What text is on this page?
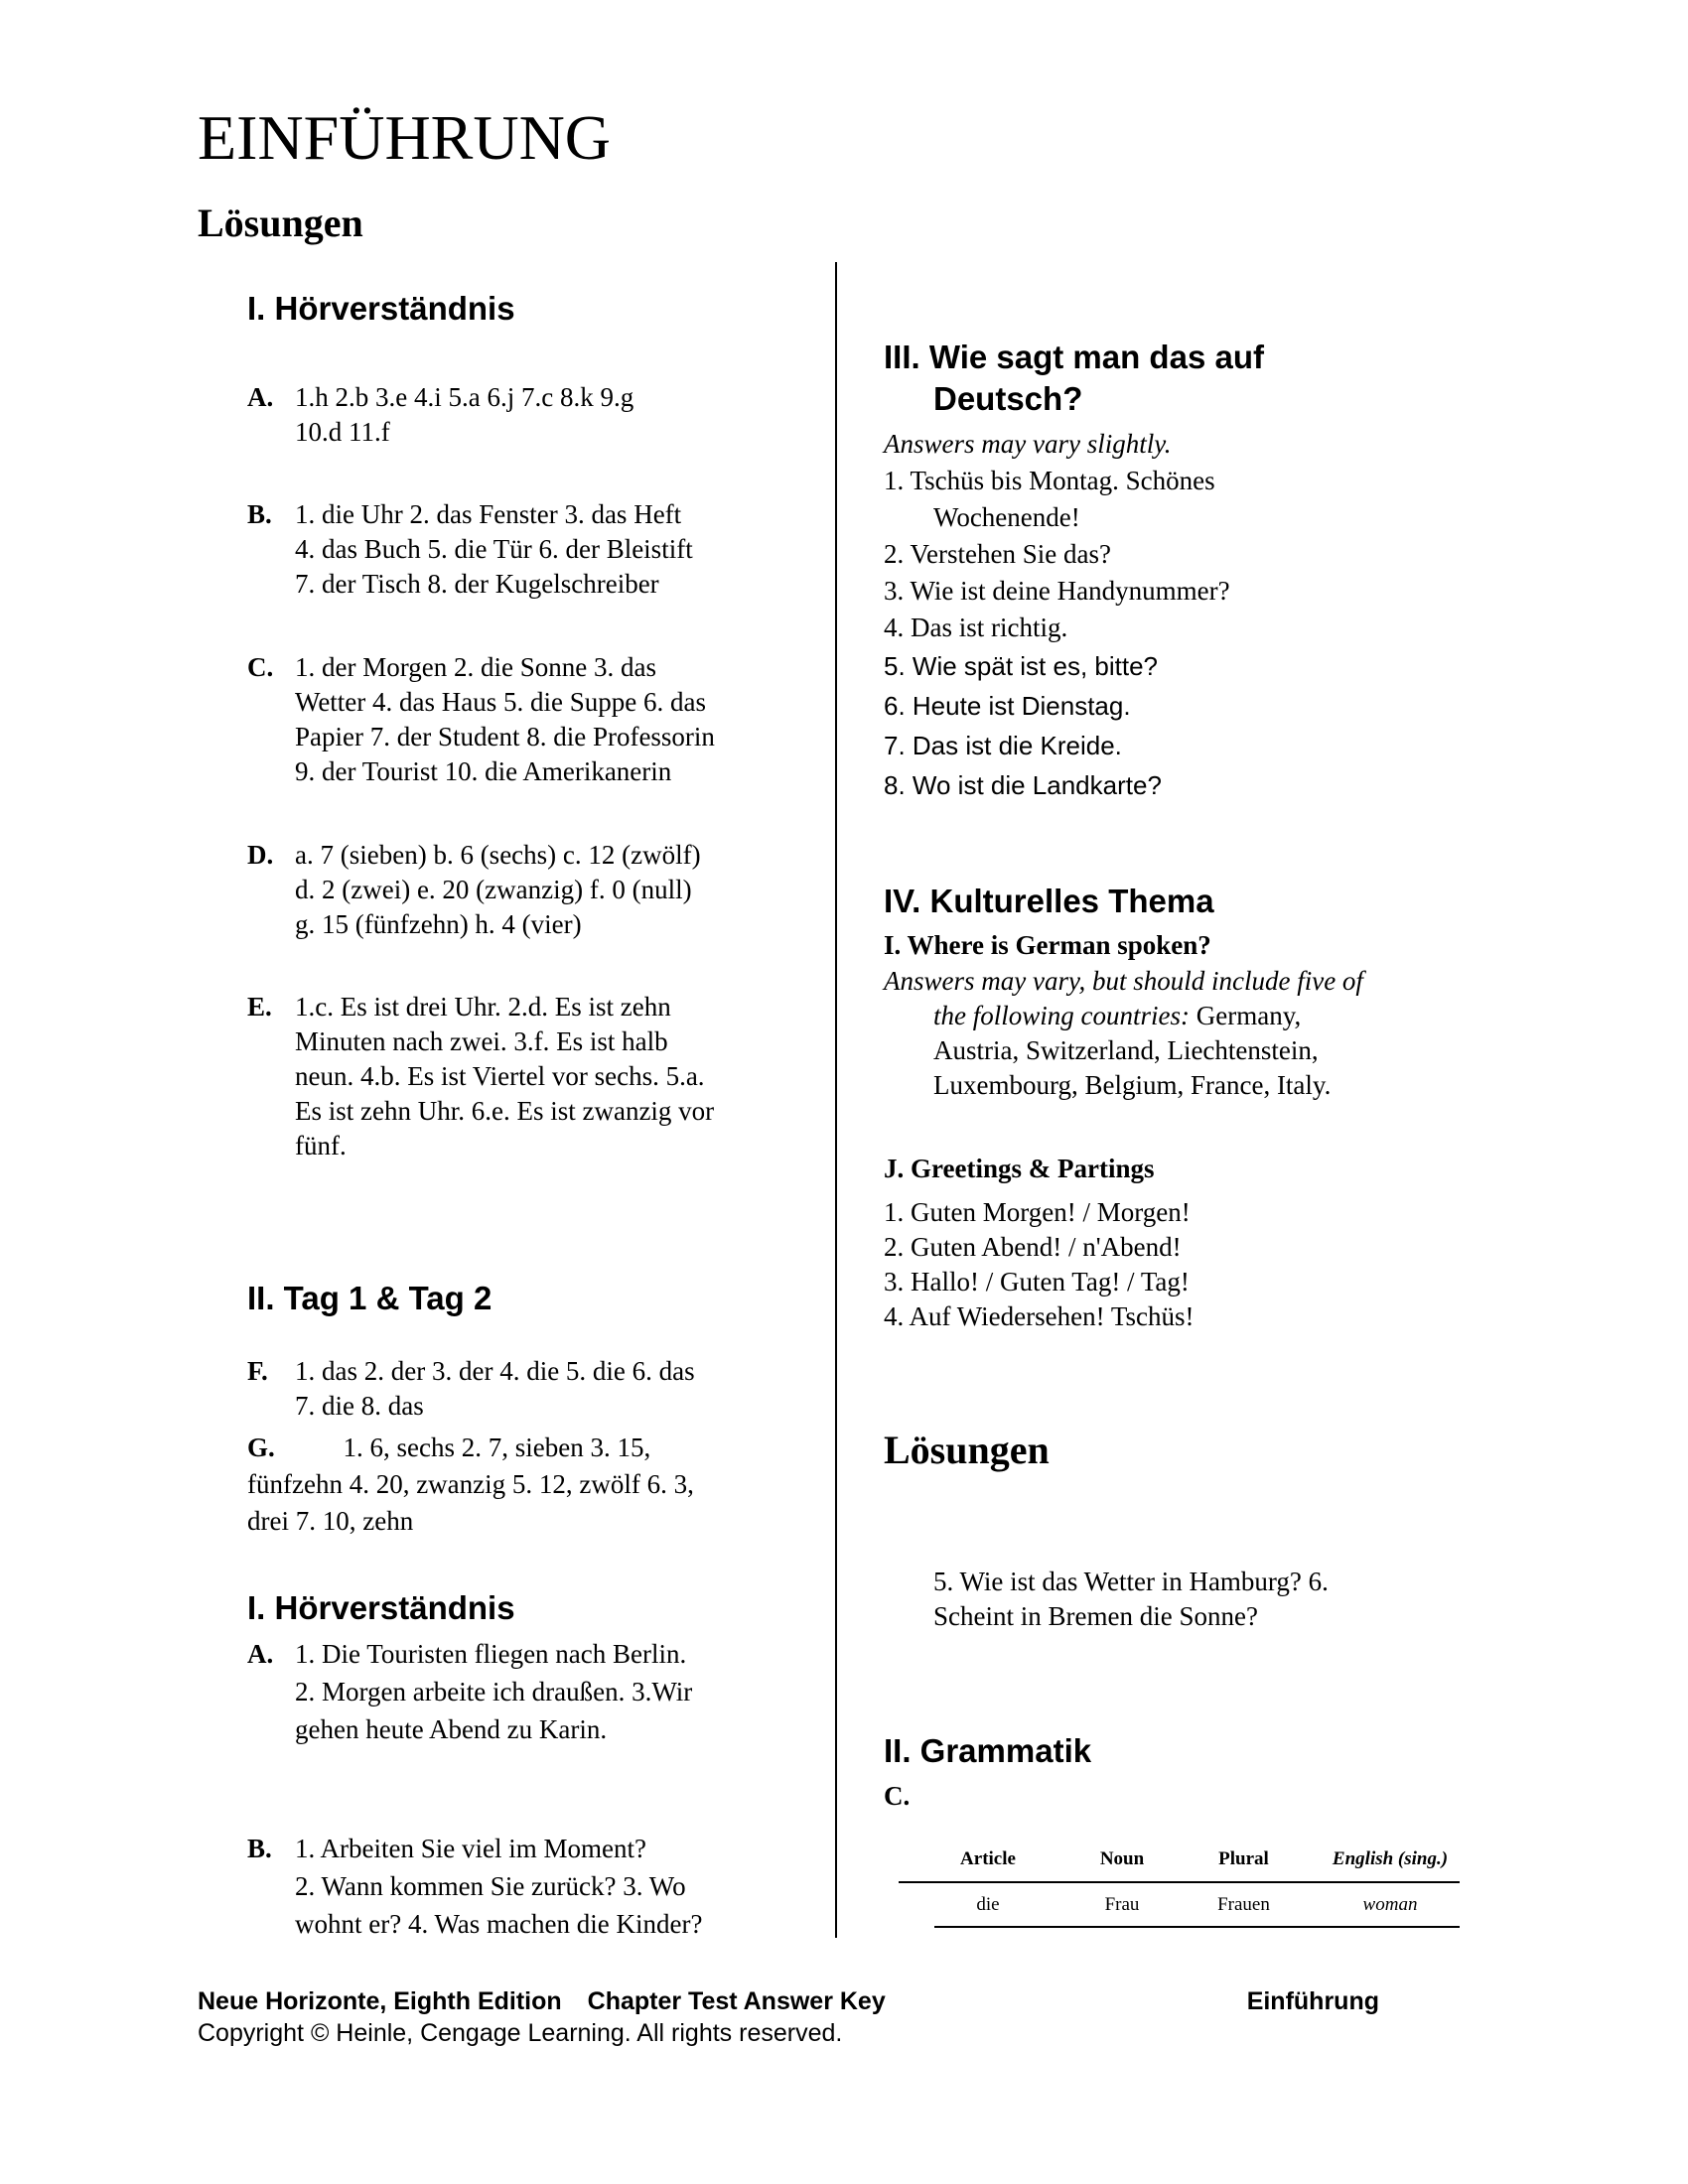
EINFÜHRUNG
Lösungen
I. Hörverständnis
A. 1.h 2.b 3.e 4.i 5.a 6.j 7.c 8.k 9.g
10.d 11.f
B. 1. die Uhr 2. das Fenster 3. das Heft
4. das Buch 5. die Tür 6. der Bleistift
7. der Tisch 8. der Kugelschreiber
C. 1. der Morgen 2. die Sonne 3. das
Wetter 4. das Haus 5. die Suppe 6. das
Papier 7. der Student 8. die Professorin
9. der Tourist 10. die Amerikanerin
D. a. 7 (sieben) b. 6 (sechs) c. 12 (zwölf)
d. 2 (zwei) e. 20 (zwanzig) f. 0 (null)
g. 15 (fünfzehn) h. 4 (vier)
E. 1.c. Es ist drei Uhr. 2.d. Es ist zehn
Minuten nach zwei. 3.f. Es ist halb
neun. 4.b. Es ist Viertel vor sechs. 5.a.
Es ist zehn Uhr. 6.e. Es ist zwanzig vor
fünf.
II. Tag 1 & Tag 2
F. 1. das 2. der 3. der 4. die 5. die 6. das
7. die 8. das
G.	1. 6, sechs 2. 7, sieben 3. 15,
fünfzehn 4. 20, zwanzig 5. 12, zwölf 6. 3,
drei 7. 10, zehn
I. Hörverständnis
A. 1. Die Touristen fliegen nach Berlin.
2. Morgen arbeite ich draußen. 3.Wir
gehen heute Abend zu Karin.
B. 1. Arbeiten Sie viel im Moment?
2. Wann kommen Sie zurück? 3. Wo
wohnt er? 4. Was machen die Kinder?
III. Wie sagt man das auf
Deutsch?
Answers may vary slightly.
1. Tschüs bis Montag. Schönes
Wochenende!
2. Verstehen Sie das?
3. Wie ist deine Handynummer?
4. Das ist richtig.
5. Wie spät ist es, bitte?
6. Heute ist Dienstag.
7. Das ist die Kreide.
8. Wo ist die Landkarte?
IV. Kulturelles Thema
I. Where is German spoken?
Answers may vary, but should include five of
the following countries: Germany,
Austria, Switzerland, Liechtenstein,
Luxembourg, Belgium, France, Italy.
J. Greetings & Partings
1. Guten Morgen! / Morgen!
2. Guten Abend! / n'Abend!
3. Hallo! / Guten Tag! / Tag!
4. Auf Wiedersehen! Tschüs!
Lösungen
5. Wie ist das Wetter in Hamburg? 6.
Scheint in Bremen die Sonne?
II. Grammatik
C.
Article	Noun	Plural	English (sing.)
die	Frau	Frauen	woman
Neue Horizonte, Eighth Edition Chapter Test Answer Key	Einführung
Copyright © Heinle, Cengage Learning. All rights reserved.
